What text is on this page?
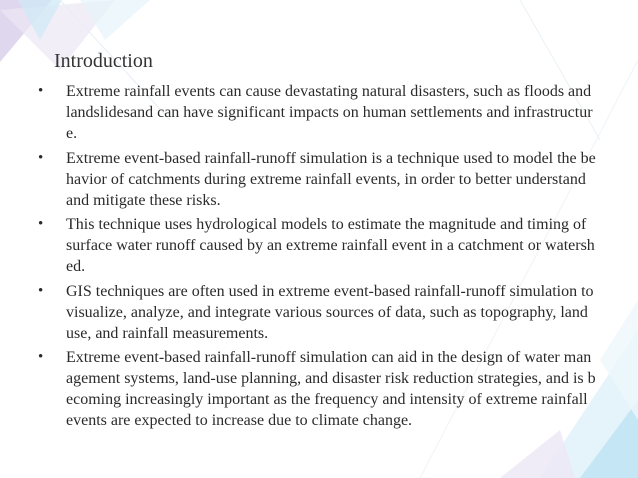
Introduction
•	Extreme rainfall events can cause devastating natural disasters, such as floods and landslidesand can have significant impacts on human settlements and infrastructure.
•	Extreme event-based rainfall-runoff simulation is a technique used to model the behavior of catchments during extreme rainfall events, in order to better understand and mitigate these risks.
•	This technique uses hydrological models to estimate the magnitude and timing of surface water runoff caused by an extreme rainfall event in a catchment or watershed.
•	GIS techniques are often used in extreme event-based rainfall-runoff simulation to visualize, analyze, and integrate various sources of data, such as topography, land use, and rainfall measurements.
•	Extreme event-based rainfall-runoff simulation can aid in the design of water management systems, land-use planning, and disaster risk reduction strategies, and is becoming increasingly important as the frequency and intensity of extreme rainfall events are expected to increase due to climate change.
